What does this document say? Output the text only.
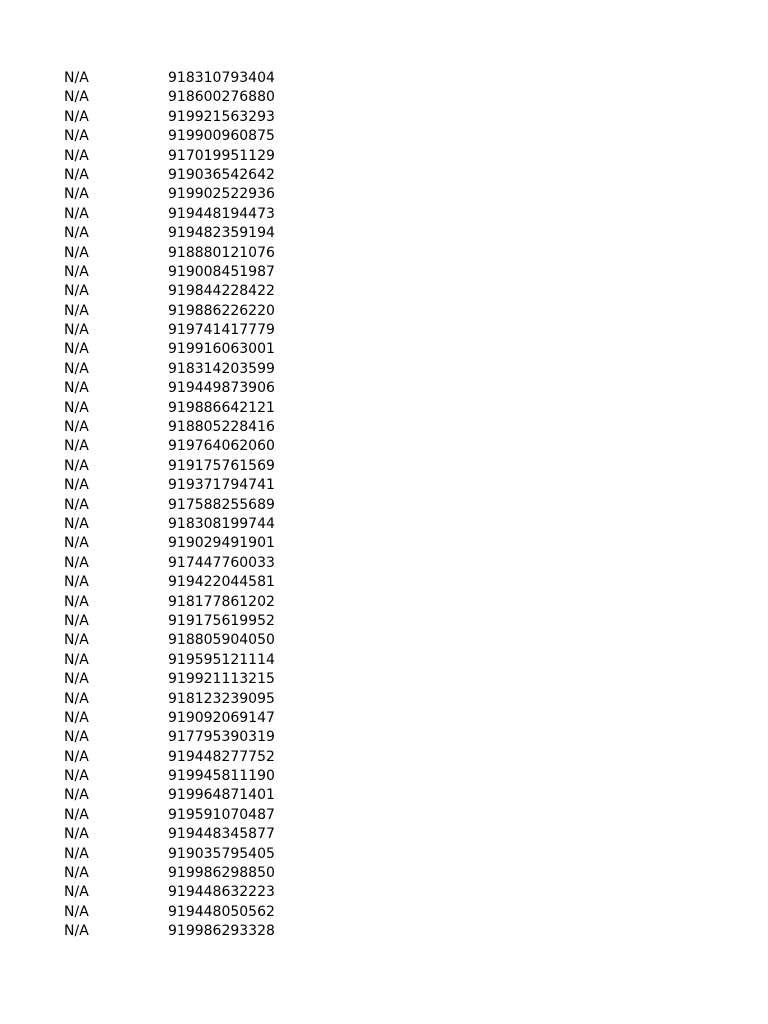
N/A	918310793404
N/A	918600276880
N/A	919921563293
N/A	919900960875
N/A	917019951129
N/A	919036542642
N/A	919902522936
N/A	919448194473
N/A	919482359194
N/A	918880121076
N/A	919008451987
N/A	919844228422
N/A	919886226220
N/A	919741417779
N/A	919916063001
N/A	918314203599
N/A	919449873906
N/A	919886642121
N/A	918805228416
N/A	919764062060
N/A	919175761569
N/A	919371794741
N/A	917588255689
N/A	918308199744
N/A	919029491901
N/A	917447760033
N/A	919422044581
N/A	918177861202
N/A	919175619952
N/A	918805904050
N/A	919595121114
N/A	919921113215
N/A	918123239095
N/A	919092069147
N/A	917795390319
N/A	919448277752
N/A	919945811190
N/A	919964871401
N/A	919591070487
N/A	919448345877
N/A	919035795405
N/A	919986298850
N/A	919448632223
N/A	919448050562
N/A	919986293328
